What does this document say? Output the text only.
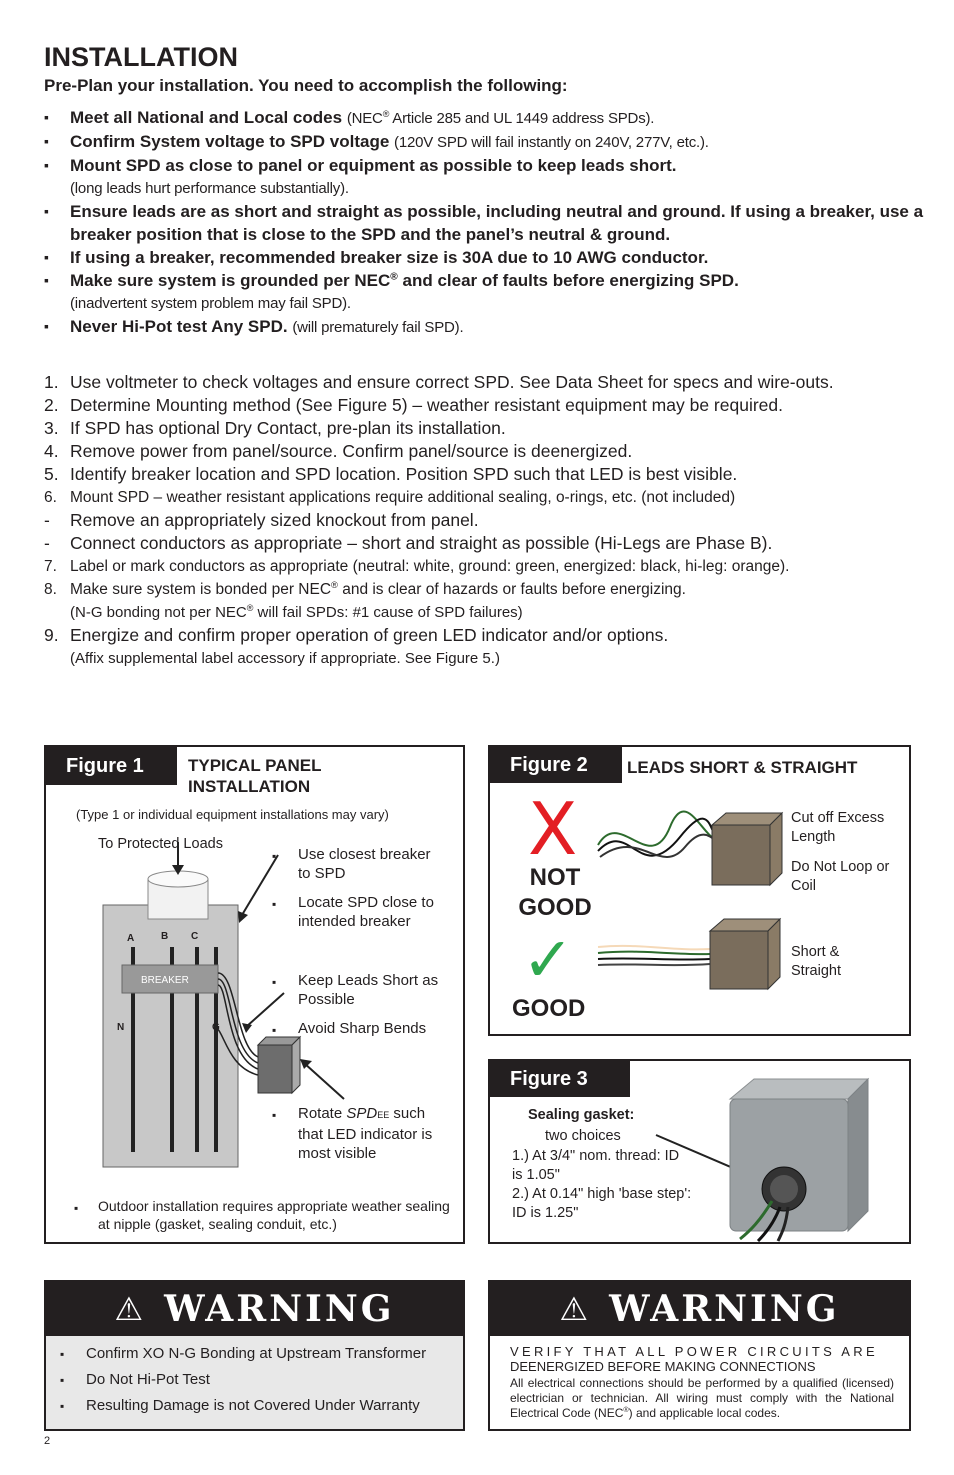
INSTALLATION
Pre-Plan your installation. You need to accomplish the following:
▪ Meet all National and Local codes (NEC® Article 285 and UL 1449 address SPDs).
▪ Confirm System voltage to SPD voltage (120V SPD will fail instantly on 240V, 277V, etc.).
▪ Mount SPD as close to panel or equipment as possible to keep leads short.
(long leads hurt performance substantially).
▪ Ensure leads are as short and straight as possible, including neutral and ground. If using a breaker, use a breaker position that is close to the SPD and the panel’s neutral & ground.
▪ If using a breaker, recommended breaker size is 30A due to 10 AWG conductor.
▪ Make sure system is grounded per NEC® and clear of faults before energizing SPD.
(inadvertent system problem may fail SPD).
▪ Never Hi-Pot test Any SPD. (will prematurely fail SPD).
1. Use voltmeter to check voltages and ensure correct SPD. See Data Sheet for specs and wire-outs.
2. Determine Mounting method (See Figure 5) – weather resistant equipment may be required.
3. If SPD has optional Dry Contact, pre-plan its installation.
4. Remove power from panel/source. Confirm panel/source is deenergized.
5. Identify breaker location and SPD location. Position SPD such that LED is best visible.
6. Mount SPD – weather resistant applications require additional sealing, o-rings, etc. (not included)
- Remove an appropriately sized knockout from panel.
- Connect conductors as appropriate – short and straight as possible (Hi-Legs are Phase B).
7. Label or mark conductors as appropriate (neutral: white, ground: green, energized: black, hi-leg: orange).
8. Make sure system is bonded per NEC® and is clear of hazards or faults before energizing.
(N-G bonding not per NEC® will fail SPDs: #1 cause of SPD failures)
9. Energize and confirm proper operation of green LED indicator and/or options.
(Affix supplemental label accessory if appropriate. See Figure 5.)
Figure 1	TYPICAL PANEL INSTALLATION
(Type 1 or individual equipment installations may vary)
To Protected Loads
A	B C
BREAKER
N	G
▪ Use closest breaker to SPD
▪ Locate SPD close to intended breaker
▪ Keep Leads Short as Possible
▪ Avoid Sharp Bends
▪ Rotate SPDEE such that LED indicator is most visible
▪ Outdoor installation requires appropriate weather sealing at nipple (gasket, sealing conduit, etc.)
Figure 2	LEADS SHORT & STRAIGHT
X
NOT GOOD
✓
GOOD
Cut off Excess Length
Do Not Loop or Coil
Short & Straight
Figure 3
Sealing gasket:
two choices
1.) At 3/4" nom. thread: ID is 1.05"
2.) At 0.14" high 'base step': ID is 1.25"
⚠ WARNING
▪ Confirm XO N-G Bonding at Upstream Transformer
▪ Do Not Hi-Pot Test
▪ Resulting Damage is not Covered Under Warranty
⚠ WARNING
VERIFY THAT ALL POWER CIRCUITS ARE
DEENERGIZED BEFORE MAKING CONNECTIONS
All electrical connections should be performed by a qualified (licensed) electrician or technician. All wiring must comply with the National Electrical Code (NEC®) and applicable local codes.
2
